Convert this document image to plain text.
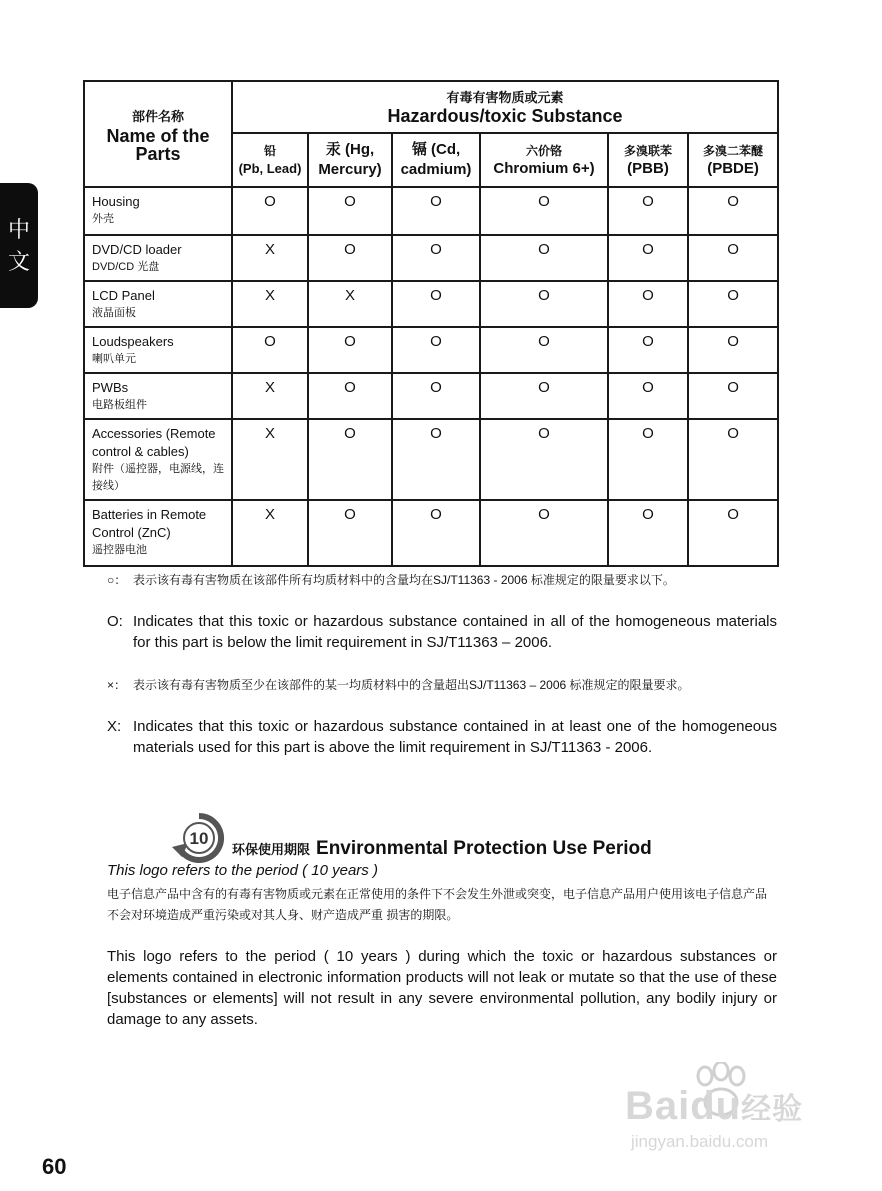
中
文
部件名称
Name of the
Parts	有毒有害物质或元素
Hazardous/toxic Substance					

	铅
(Pb, Lead)	汞 (Hg,
Mercury)	镉 (Cd,
cadmium)	六价铬
Chromium 6+)	多溴联苯
(PBB)	多溴二苯醚
(PBDE)

Housing
外壳	O	O	O	O	O	O
DVD/CD loader
DVD/CD 光盘	X	O	O	O	O	O
LCD Panel
液晶面板	X	X	O	O	O	O
Loudspeakers
喇叭单元	O	O	O	O	O	O
PWBs
电路板组件	X	O	O	O	O	O
Accessories (Remote control & cables)
附件（遥控器，电源线，连接线）	X	O	O	O	O	O
Batteries in Remote Control (ZnC)
遥控器电池	X	O	O	O	O	O
○： 表示该有毒有害物质在该部件所有均质材料中的含量均在SJ/T11363 - 2006 标准规定的限量要求以下。
O: Indicates that this toxic or hazardous substance contained in all of the homogeneous materials for this part is below the limit requirement in SJ/T11363 – 2006.
×： 表示该有毒有害物质至少在该部件的某一均质材料中的含量超出SJ/T11363 – 2006 标准规定的限量要求。
X: Indicates that this toxic or hazardous substance contained in at least one of the homogeneous materials used for this part is above the limit requirement in SJ/T11363 - 2006.
10
环保使用期限 Environmental Protection Use Period
This logo refers to the period ( 10 years )
电子信息产品中含有的有毒有害物质或元素在正常使用的条件下不会发生外泄或突变，电子信息产品用户使用该电子信息产品不会对环境造成严重污染或对其人身、财产造成严重 损害的期限。
This logo refers to the period ( 10 years ) during which the toxic or hazardous substances or elements contained in electronic information products will not leak or mutate so that the use of these [substances or elements] will not result in any severe environmental pollution, any bodily injury or damage to any assets.
Baidu经验
jingyan.baidu.com
60
